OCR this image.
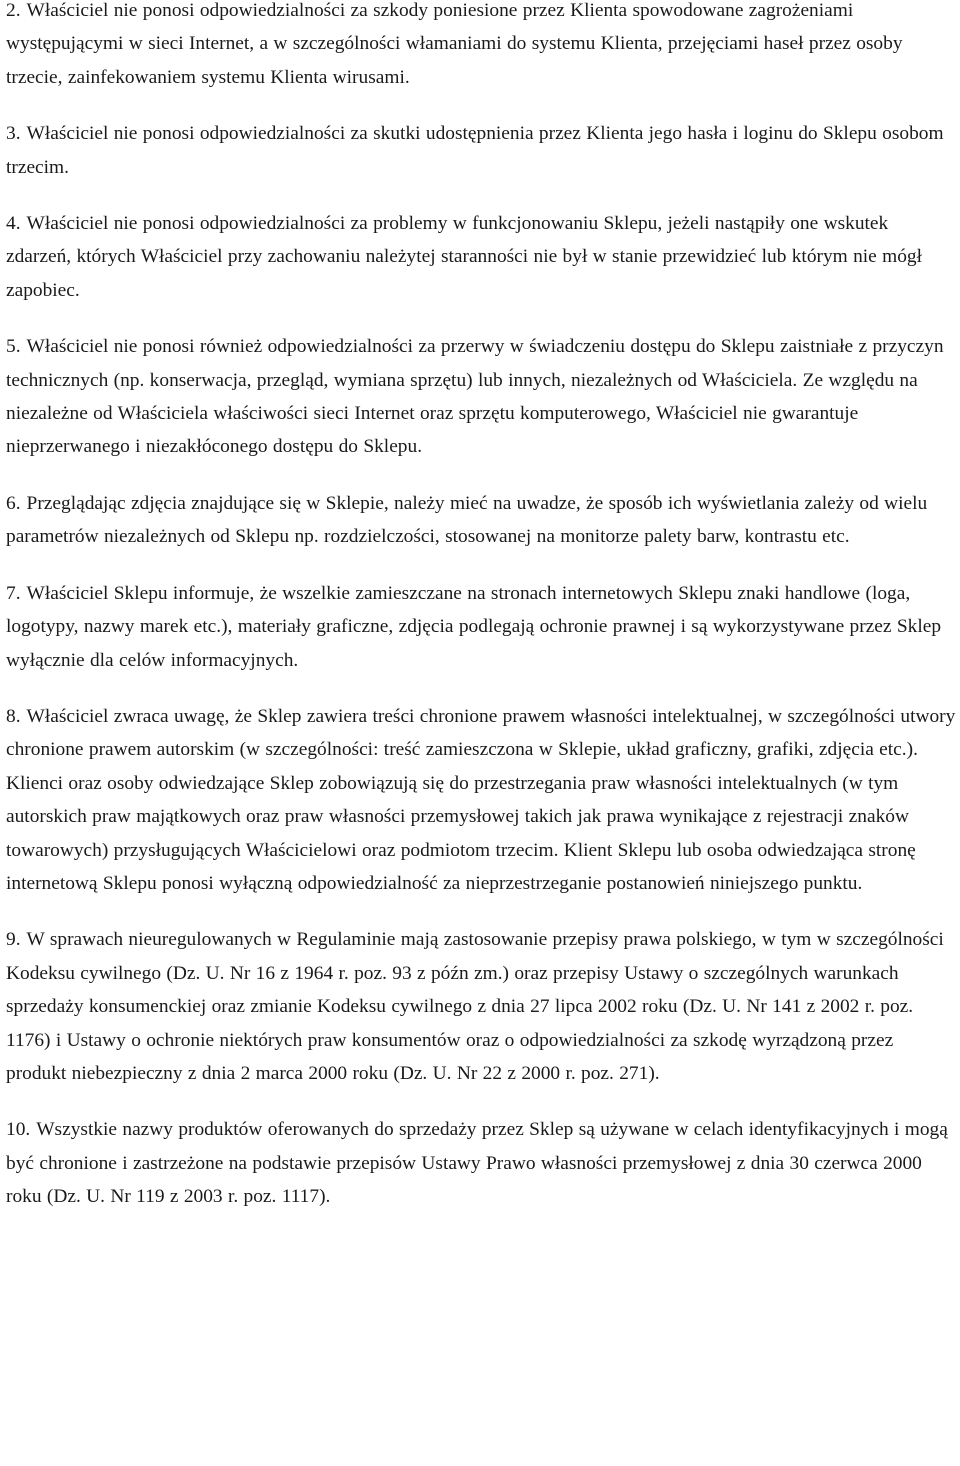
2. Właściciel nie ponosi odpowiedzialności za szkody poniesione przez Klienta spowodowane zagrożeniami występującymi w sieci Internet, a w szczególności włamaniami do systemu Klienta, przejęciami haseł przez osoby trzecie, zainfekowaniem systemu Klienta wirusami.

3. Właściciel nie ponosi odpowiedzialności za skutki udostępnienia przez Klienta jego hasła i loginu do Sklepu osobom trzecim.

4. Właściciel nie ponosi odpowiedzialności za problemy w funkcjonowaniu Sklepu, jeżeli nastąpiły one wskutek zdarzeń, których Właściciel przy zachowaniu należytej staranności nie był w stanie przewidzieć lub którym nie mógł zapobiec.

5. Właściciel nie ponosi również odpowiedzialności za przerwy w świadczeniu dostępu do Sklepu zaistniałe z przyczyn technicznych (np. konserwacja, przegląd, wymiana sprzętu) lub innych, niezależnych od Właściciela. Ze względu na niezależne od Właściciela właściwości sieci Internet oraz sprzętu komputerowego, Właściciel nie gwarantuje nieprzerwanego i niezakłóconego dostępu do Sklepu.

6. Przeglądając zdjęcia znajdujące się w Sklepie, należy mieć na uwadze, że sposób ich wyświetlania zależy od wielu parametrów niezależnych od Sklepu np. rozdzielczości, stosowanej na monitorze palety barw, kontrastu etc.

7. Właściciel Sklepu informuje, że wszelkie zamieszczane na stronach internetowych Sklepu znaki handlowe (loga, logotypy, nazwy marek etc.), materiały graficzne, zdjęcia podlegają ochronie prawnej i są wykorzystywane przez Sklep wyłącznie dla celów informacyjnych.

8. Właściciel zwraca uwagę, że Sklep zawiera treści chronione prawem własności intelektualnej, w szczególności utwory chronione prawem autorskim (w szczególności: treść zamieszczona w Sklepie, układ graficzny, grafiki, zdjęcia etc.). Klienci oraz osoby odwiedzające Sklep zobowiązują się do przestrzegania praw własności intelektualnych (w tym autorskich praw majątkowych oraz praw własności przemysłowej takich jak prawa wynikające z rejestracji znaków towarowych) przysługujących Właścicielowi oraz podmiotom trzecim. Klient Sklepu lub osoba odwiedzająca stronę internetową Sklepu ponosi wyłączną odpowiedzialność za nieprzestrzeganie postanowień niniejszego punktu.

9. W sprawach nieuregulowanych w Regulaminie mają zastosowanie przepisy prawa polskiego, w tym w szczególności Kodeksu cywilnego (Dz. U. Nr 16 z 1964 r. poz. 93 z późn zm.) oraz przepisy Ustawy o szczególnych warunkach sprzedaży konsumenckiej oraz zmianie Kodeksu cywilnego z dnia 27 lipca 2002 roku (Dz. U. Nr 141 z 2002 r. poz. 1176) i Ustawy o ochronie niektórych praw konsumentów oraz o odpowiedzialności za szkodę wyrządzoną przez produkt niebezpieczny z dnia 2 marca 2000 roku (Dz. U. Nr 22 z 2000 r. poz. 271).

10. Wszystkie nazwy produktów oferowanych do sprzedaży przez Sklep są używane w celach identyfikacyjnych i mogą być chronione i zastrzeżone na podstawie przepisów Ustawy Prawo własności przemysłowej z dnia 30 czerwca 2000 roku (Dz. U. Nr 119 z 2003 r. poz. 1117).
